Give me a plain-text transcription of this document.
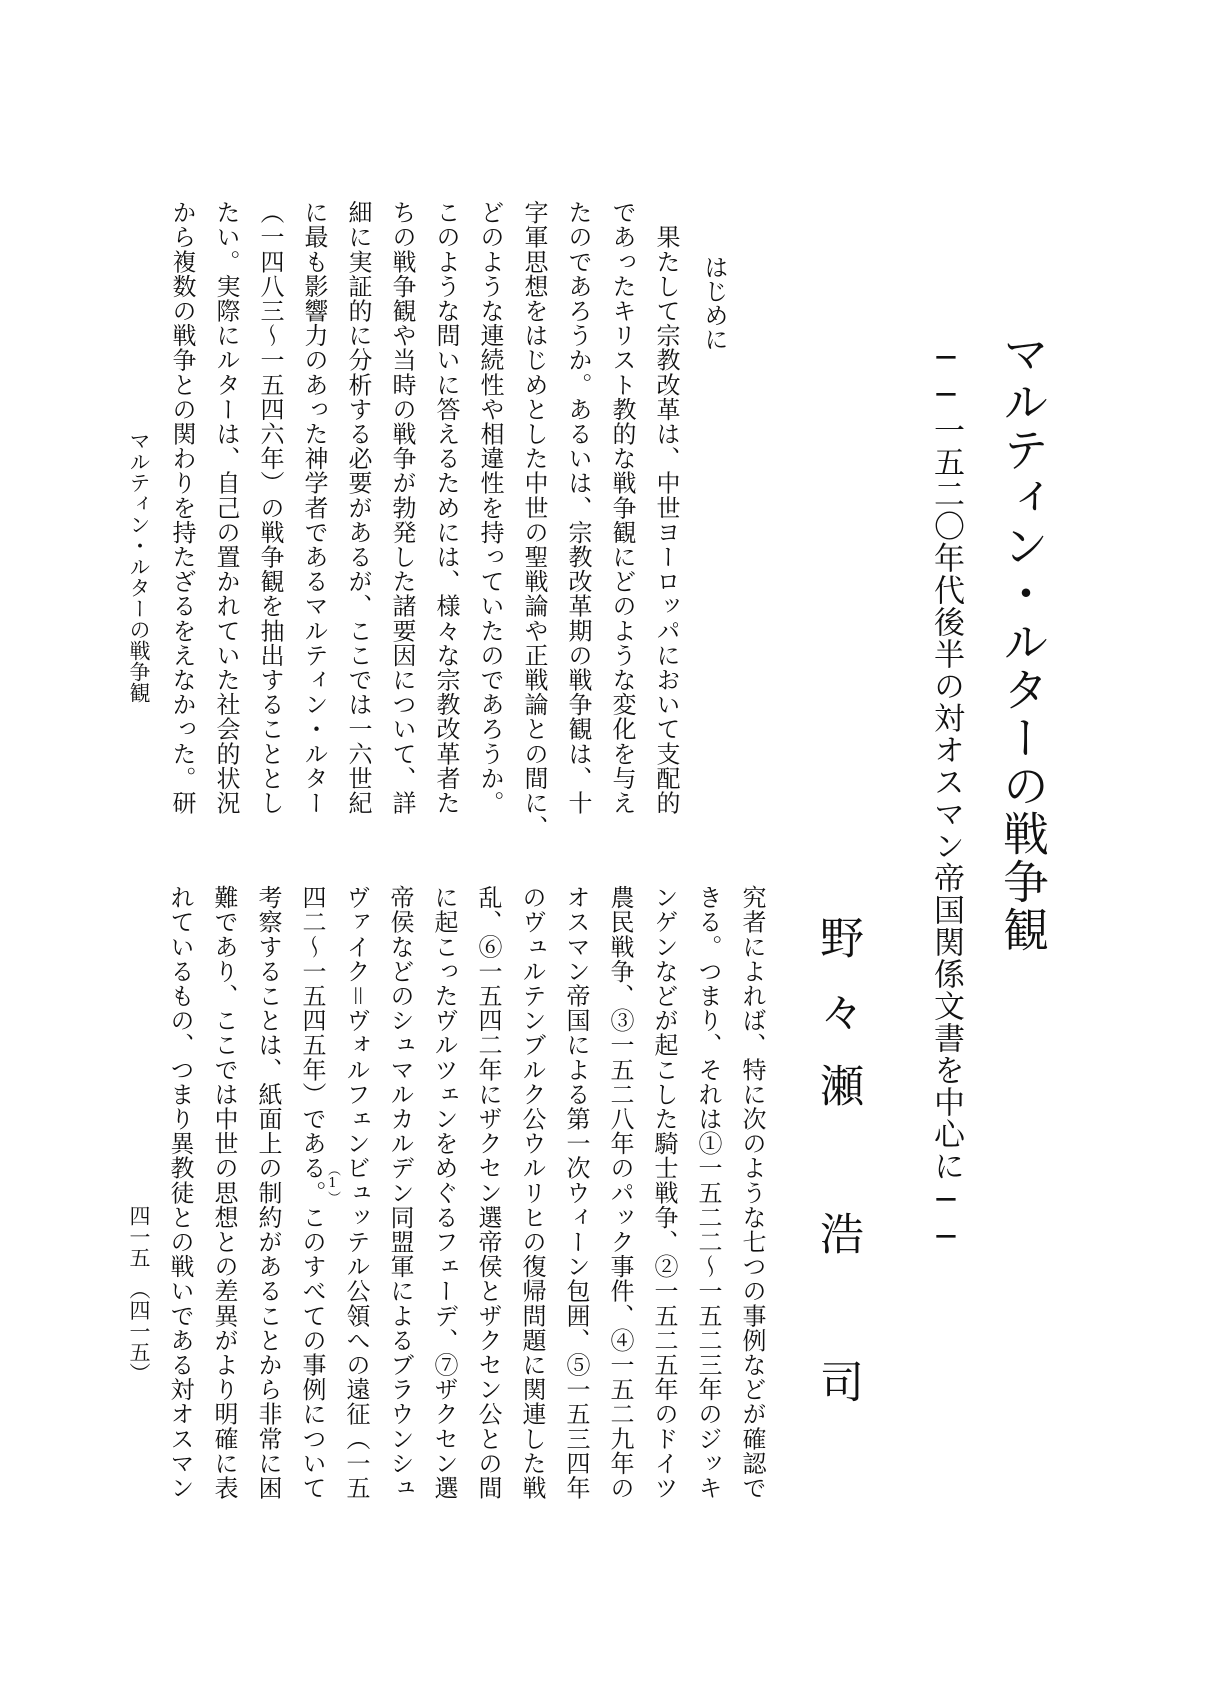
マルティン・ルターの戦争観
──一五二〇年代後半の対オスマン帝国関係文書を中心に──
野々瀬　浩　司
はじめに
　果たして宗教改革は、中世ヨーロッパにおいて支配的
であったキリスト教的な戦争観にどのような変化を与え
たのであろうか。あるいは、宗教改革期の戦争観は、十
字軍思想をはじめとした中世の聖戦論や正戦論との間に、
どのような連続性や相違性を持っていたのであろうか。
このような問いに答えるためには、様々な宗教改革者た
ちの戦争観や当時の戦争が勃発した諸要因について、詳
細に実証的に分析する必要があるが、ここでは一六世紀
に最も影響力のあった神学者であるマルティン・ルター
（一四八三～一五四六年）の戦争観を抽出することとし
たい。実際にルターは、自己の置かれていた社会的状況
から複数の戦争との関わりを持たざるをえなかった。研
究者によれば、特に次のような七つの事例などが確認で
きる。つまり、それは①一五二二～一五二三年のジッキ
ンゲンなどが起こした騎士戦争、②一五二五年のドイツ
農民戦争、③一五二八年のパック事件、④一五二九年の
オスマン帝国による第一次ウィーン包囲、⑤一五三四年
のヴュルテンブルク公ウルリヒの復帰問題に関連した戦
乱、⑥一五四二年にザクセン選帝侯とザクセン公との間
に起こったヴルツェンをめぐるフェーデ、⑦ザクセン選
帝侯などのシュマルカルデン同盟軍によるブラウンシュ
ヴァイク＝ヴォルフェンビュッテル公領への遠征（一五
四二～一五四五年）である。このすべての事例について
考察することは、紙面上の制約があることから非常に困
難であり、ここでは中世の思想との差異がより明確に表
れているもの、つまり異教徒との戦いである対オスマン	（1）
マルティン・ルターの戦争観
四一五　（四一五）
